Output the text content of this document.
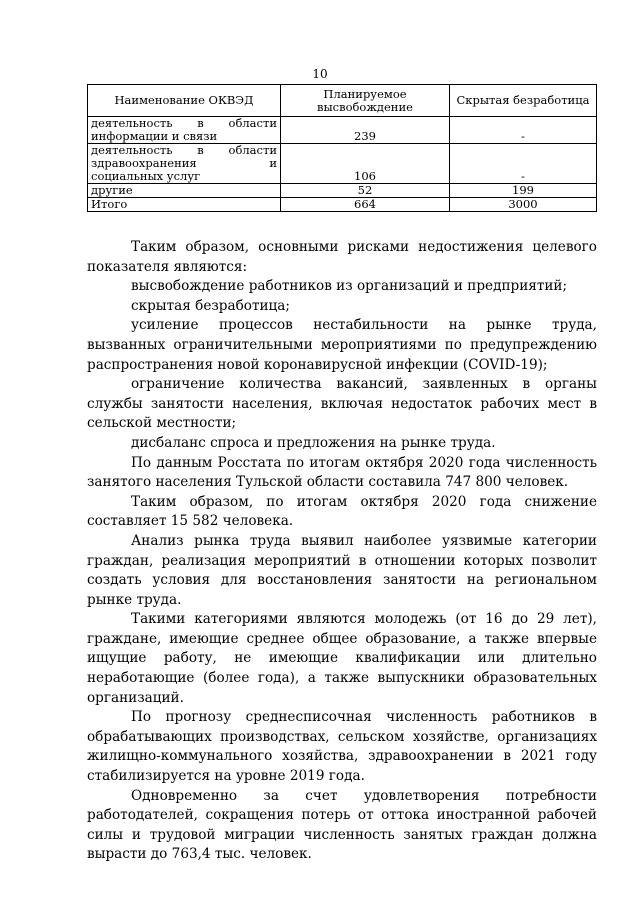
10
Наименование ОКВЭД	Планируемое высвобождение	Скрытая безработица

деятельность в области
информации и связи	239	-

деятельность в области
здравоохранения и
социальных услуг	106	-

другие	52	199
Итого	664	3000

Таким образом, основными рисками недостижения целевого показателя являются:

высвобождение работников из организаций и предприятий;

скрытая безработица;

усиление процессов нестабильности на рынке труда, вызванных ограничительными мероприятиями по предупреждению распространения новой коронавирусной инфекции (COVID-19);

ограничение количества вакансий, заявленных в органы службы занятости населения, включая недостаток рабочих мест в сельской местности;

дисбаланс спроса и предложения на рынке труда.

По данным Росстата по итогам октября 2020 года численность занятого населения Тульской области составила 747 800 человек.

Таким образом, по итогам октября 2020 года снижение составляет 15 582 человека.

Анализ рынка труда выявил наиболее уязвимые категории граждан, реализация мероприятий в отношении которых позволит создать условия для восстановления занятости на региональном рынке труда.

Такими категориями являются молодежь (от 16 до 29 лет), граждане, имеющие среднее общее образование, а также впервые ищущие работу, не имеющие квалификации или длительно неработающие (более года), а также выпускники образовательных организаций.

По прогнозу среднесписочная численность работников в обрабатывающих производствах, сельском хозяйстве, организациях жилищно-коммунального хозяйства, здравоохранении в 2021 году стабилизируется на уровне 2019 года.

Одновременно за счет удовлетворения потребности работодателей, сокращения потерь от оттока иностранной рабочей силы и трудовой миграции численность занятых граждан должна вырасти до 763,4 тыс. человек.
